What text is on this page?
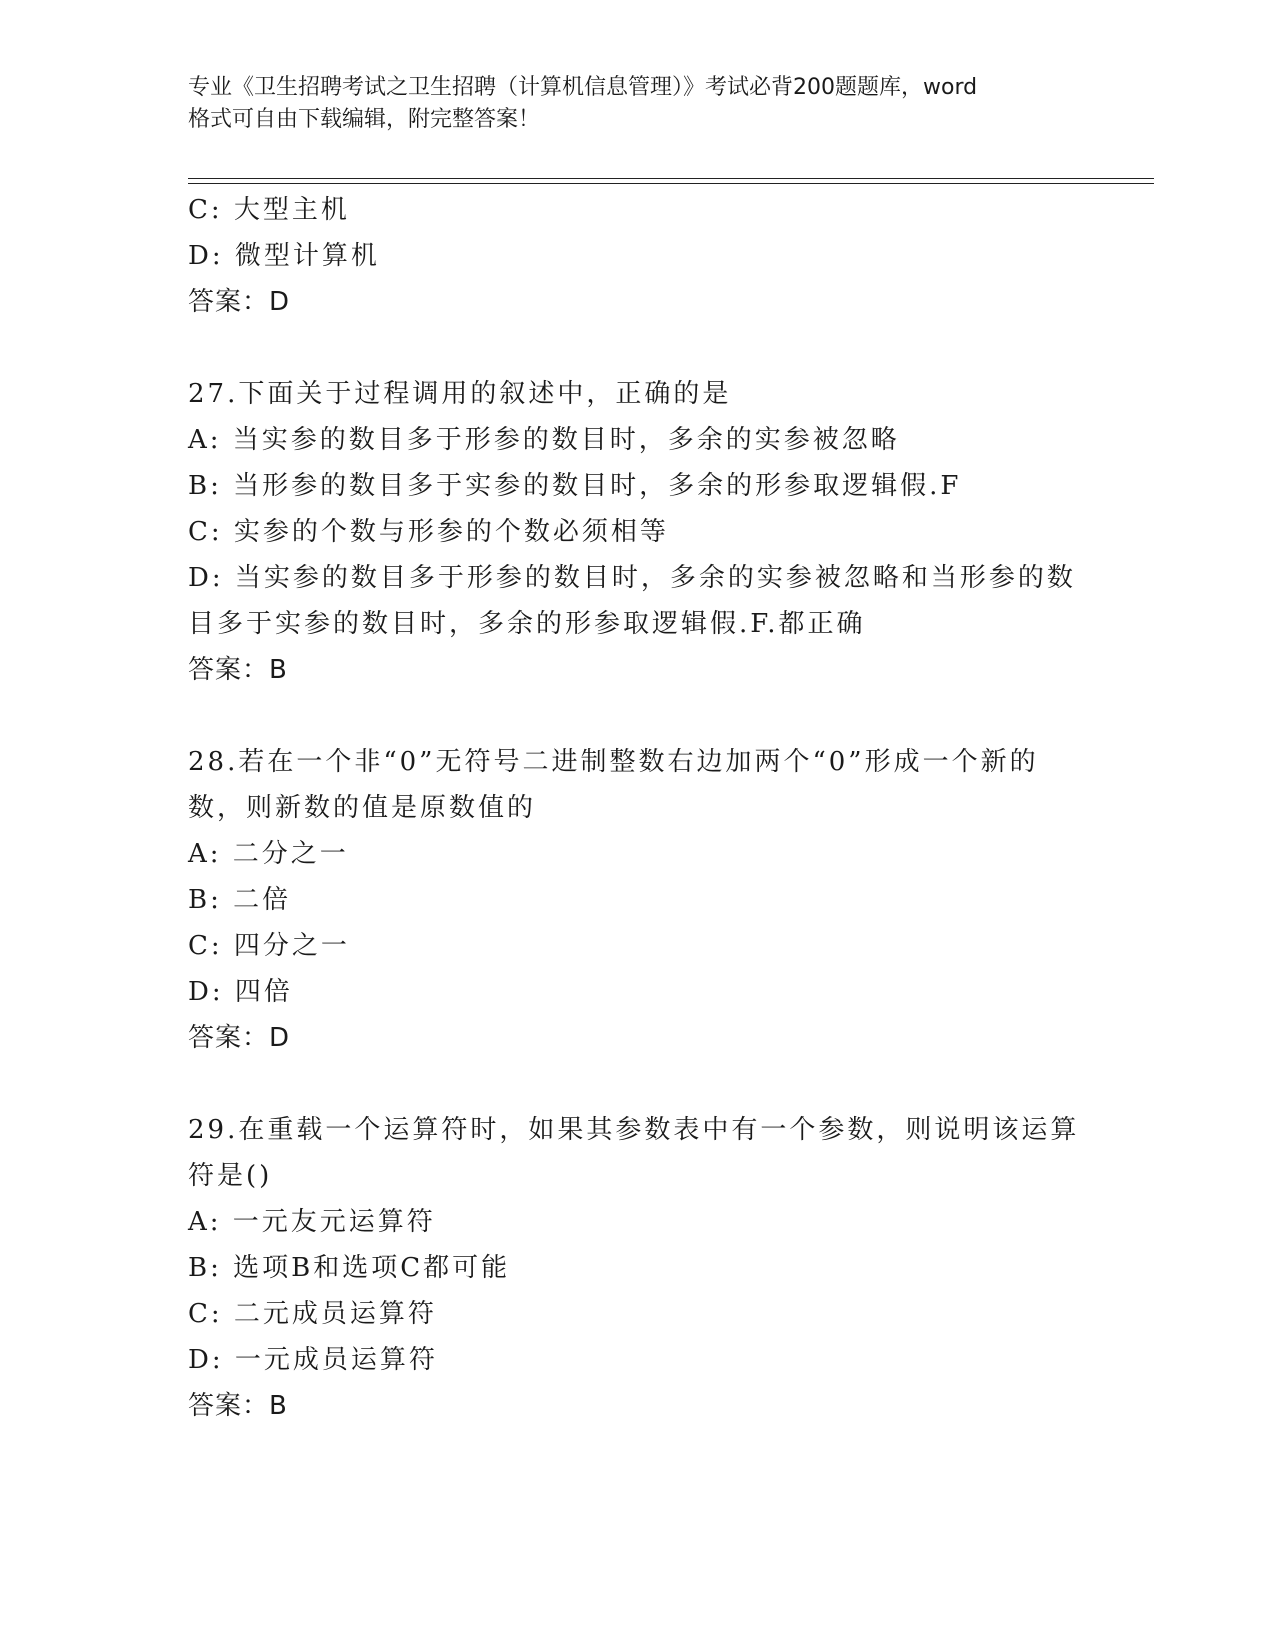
专业《卫生招聘考试之卫生招聘（计算机信息管理）》考试必背200题题库，word
格式可自由下载编辑，附完整答案！
C: 大型主机
D: 微型计算机
答案：D
27.下面关于过程调用的叙述中，正确的是
A: 当实参的数目多于形参的数目时，多余的实参被忽略
B: 当形参的数目多于实参的数目时，多余的形参取逻辑假.F
C: 实参的个数与形参的个数必须相等
D: 当实参的数目多于形参的数目时，多余的实参被忽略和当形参的数
目多于实参的数目时，多余的形参取逻辑假.F.都正确
答案：B
28.若在一个非“0”无符号二进制整数右边加两个“0”形成一个新的
数，则新数的值是原数值的
A: 二分之一
B: 二倍
C: 四分之一
D: 四倍
答案：D
29.在重载一个运算符时，如果其参数表中有一个参数，则说明该运算
符是()
A: 一元友元运算符
B: 选项B和选项C都可能
C: 二元成员运算符
D: 一元成员运算符
答案：B
